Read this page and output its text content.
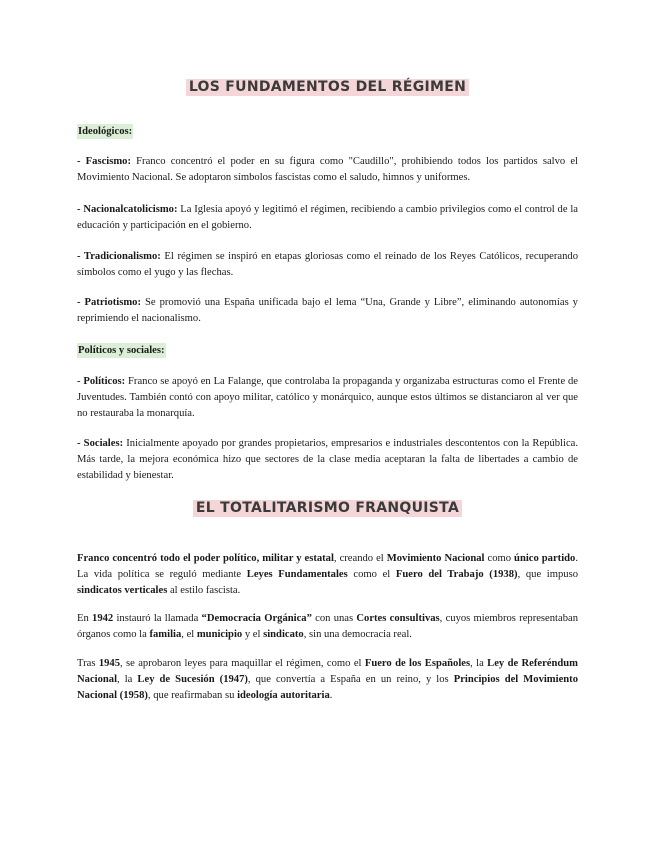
LOS FUNDAMENTOS DEL RÉGIMEN
Ideológicos:

- Fascismo: Franco concentró el poder en su figura como "Caudillo", prohibiendo todos los partidos salvo el Movimiento Nacional. Se adoptaron símbolos fascistas como el saludo, himnos y uniformes.

- Nacionalcatolicismo: La Iglesia apoyó y legitimó el régimen, recibiendo a cambio privilegios como el control de la educación y participación en el gobierno.

- Tradicionalismo: El régimen se inspiró en etapas gloriosas como el reinado de los Reyes Católicos, recuperando símbolos como el yugo y las flechas.

- Patriotismo: Se promovió una España unificada bajo el lema “Una, Grande y Libre”, eliminando autonomías y reprimiendo el nacionalismo.

Políticos y sociales:

- Políticos: Franco se apoyó en La Falange, que controlaba la propaganda y organizaba estructuras como el Frente de Juventudes. También contó con apoyo militar, católico y monárquico, aunque estos últimos se distanciaron al ver que no restauraba la monarquía.

- Sociales: Inicialmente apoyado por grandes propietarios, empresarios e industriales descontentos con la República. Más tarde, la mejora económica hizo que sectores de la clase media aceptaran la falta de libertades a cambio de estabilidad y bienestar.

EL TOTALITARISMO FRANQUISTA

Franco concentró todo el poder político, militar y estatal, creando el Movimiento Nacional como único partido. La vida política se reguló mediante Leyes Fundamentales como el Fuero del Trabajo (1938), que impuso sindicatos verticales al estilo fascista.

En 1942 instauró la llamada “Democracia Orgánica” con unas Cortes consultivas, cuyos miembros representaban órganos como la familia, el municipio y el sindicato, sin una democracia real.

Tras 1945, se aprobaron leyes para maquillar el régimen, como el Fuero de los Españoles, la Ley de Referéndum Nacional, la Ley de Sucesión (1947), que convertía a España en un reino, y los Principios del Movimiento Nacional (1958), que reafirmaban su ideología autoritaria.
